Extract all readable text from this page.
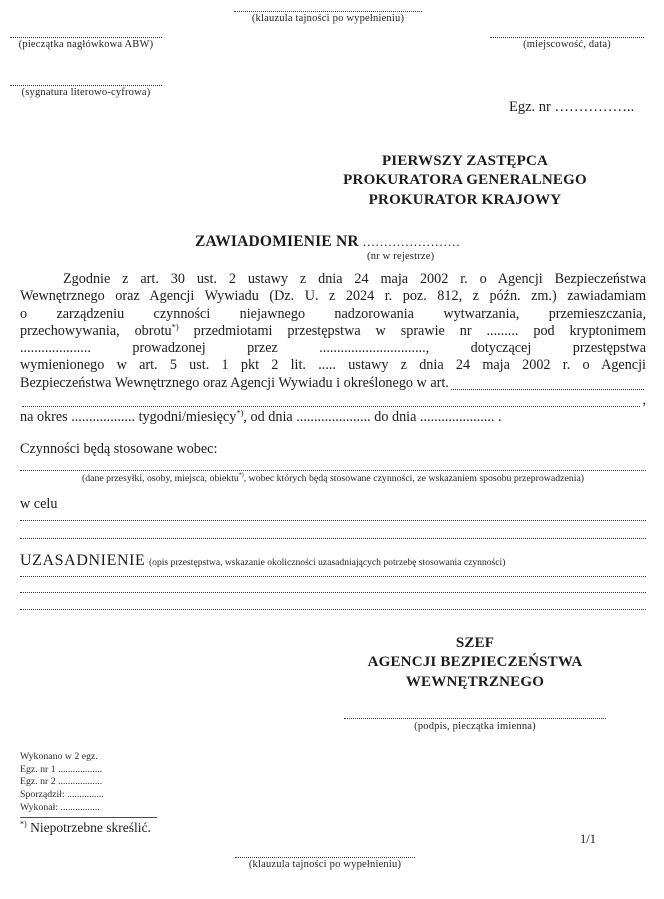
(klauzula tajności po wypełnieniu)
(pieczątka nagłówkowa ABW)	(miejscowość, data)
(sygnatura literowo-cyfrowa)
Egz. nr ……………..
PIERWSZY ZASTĘPCA
PROKURATORA GENERALNEGO
PROKURATOR KRAJOWY
ZAWIADOMIENIE NR .......................
(nr w rejestrze)
Zgodnie z art. 30 ust. 2 ustawy z dnia 24 maja 2002 r. o Agencji Bezpieczeństwa
Wewnętrznego oraz Agencji Wywiadu (Dz. U. z 2024 r. poz. 812, z późn. zm.) zawiadamiam
o zarządzeniu czynności niejawnego nadzorowania wytwarzania, przemieszczania,
przechowywania, obrotu*) przedmiotami przestępstwa w sprawie nr ......... pod kryptonimem
.................... prowadzonej przez .............................., dotyczącej przestępstwa
wymienionego w art. 5 ust. 1 pkt 2 lit. ..... ustawy z dnia 24 maja 2002 r. o Agencji
Bezpieczeństwa Wewnętrznego oraz Agencji Wywiadu i określonego w art.
,
na okres .................. tygodni/miesięcy*), od dnia ..................... do dnia ..................... .
Czynności będą stosowane wobec:
(dane przesyłki, osoby, miejsca, obiektu*), wobec których będą stosowane czynności, ze wskazaniem sposobu przeprowadzenia)
w celu
UZASADNIENIE (opis przestępstwa, wskazanie okoliczności uzasadniających potrzebę stosowania czynności)
SZEF
AGENCJI BEZPIECZEŃSTWA
WEWNĘTRZNEGO
(podpis, pieczątka imienna)
Wykonano w 2 egz.
Egz. nr 1 ..................
Egz. nr 2 ..................
Sporządził: ...............
Wykonał: ................
*) Niepotrzebne skreślić.
1/1
(klauzula tajności po wypełnieniu)
